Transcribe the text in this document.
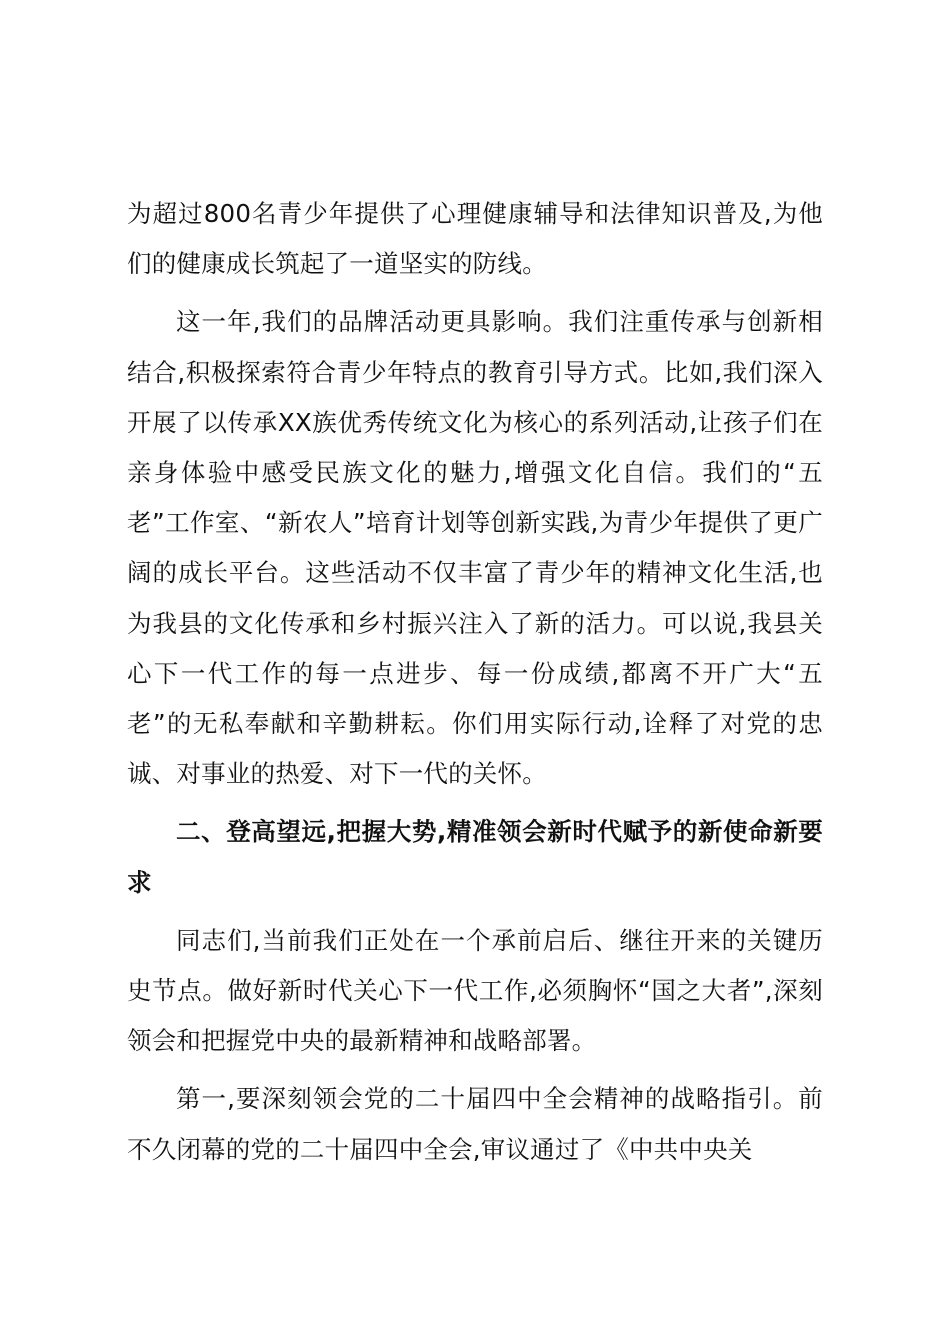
为超过800名青少年提供了心理健康辅导和法律知识普及,为他们的健康成长筑起了一道坚实的防线。

这一年,我们的品牌活动更具影响。我们注重传承与创新相结合,积极探索符合青少年特点的教育引导方式。比如,我们深入开展了以传承XX族优秀传统文化为核心的系列活动,让孩子们在亲身体验中感受民族文化的魅力,增强文化自信。我们的“五老”工作室、“新农人”培育计划等创新实践,为青少年提供了更广阔的成长平台。这些活动不仅丰富了青少年的精神文化生活,也为我县的文化传承和乡村振兴注入了新的活力。可以说,我县关心下一代工作的每一点进步、每一份成绩,都离不开广大“五老”的无私奉献和辛勤耕耘。你们用实际行动,诠释了对党的忠诚、对事业的热爱、对下一代的关怀。

二、登高望远,把握大势,精准领会新时代赋予的新使命新要求

同志们,当前我们正处在一个承前启后、继往开来的关键历史节点。做好新时代关心下一代工作,必须胸怀“国之大者”,深刻领会和把握党中央的最新精神和战略部署。

第一,要深刻领会党的二十届四中全会精神的战略指引。前不久闭幕的党的二十届四中全会,审议通过了《中共中央关
